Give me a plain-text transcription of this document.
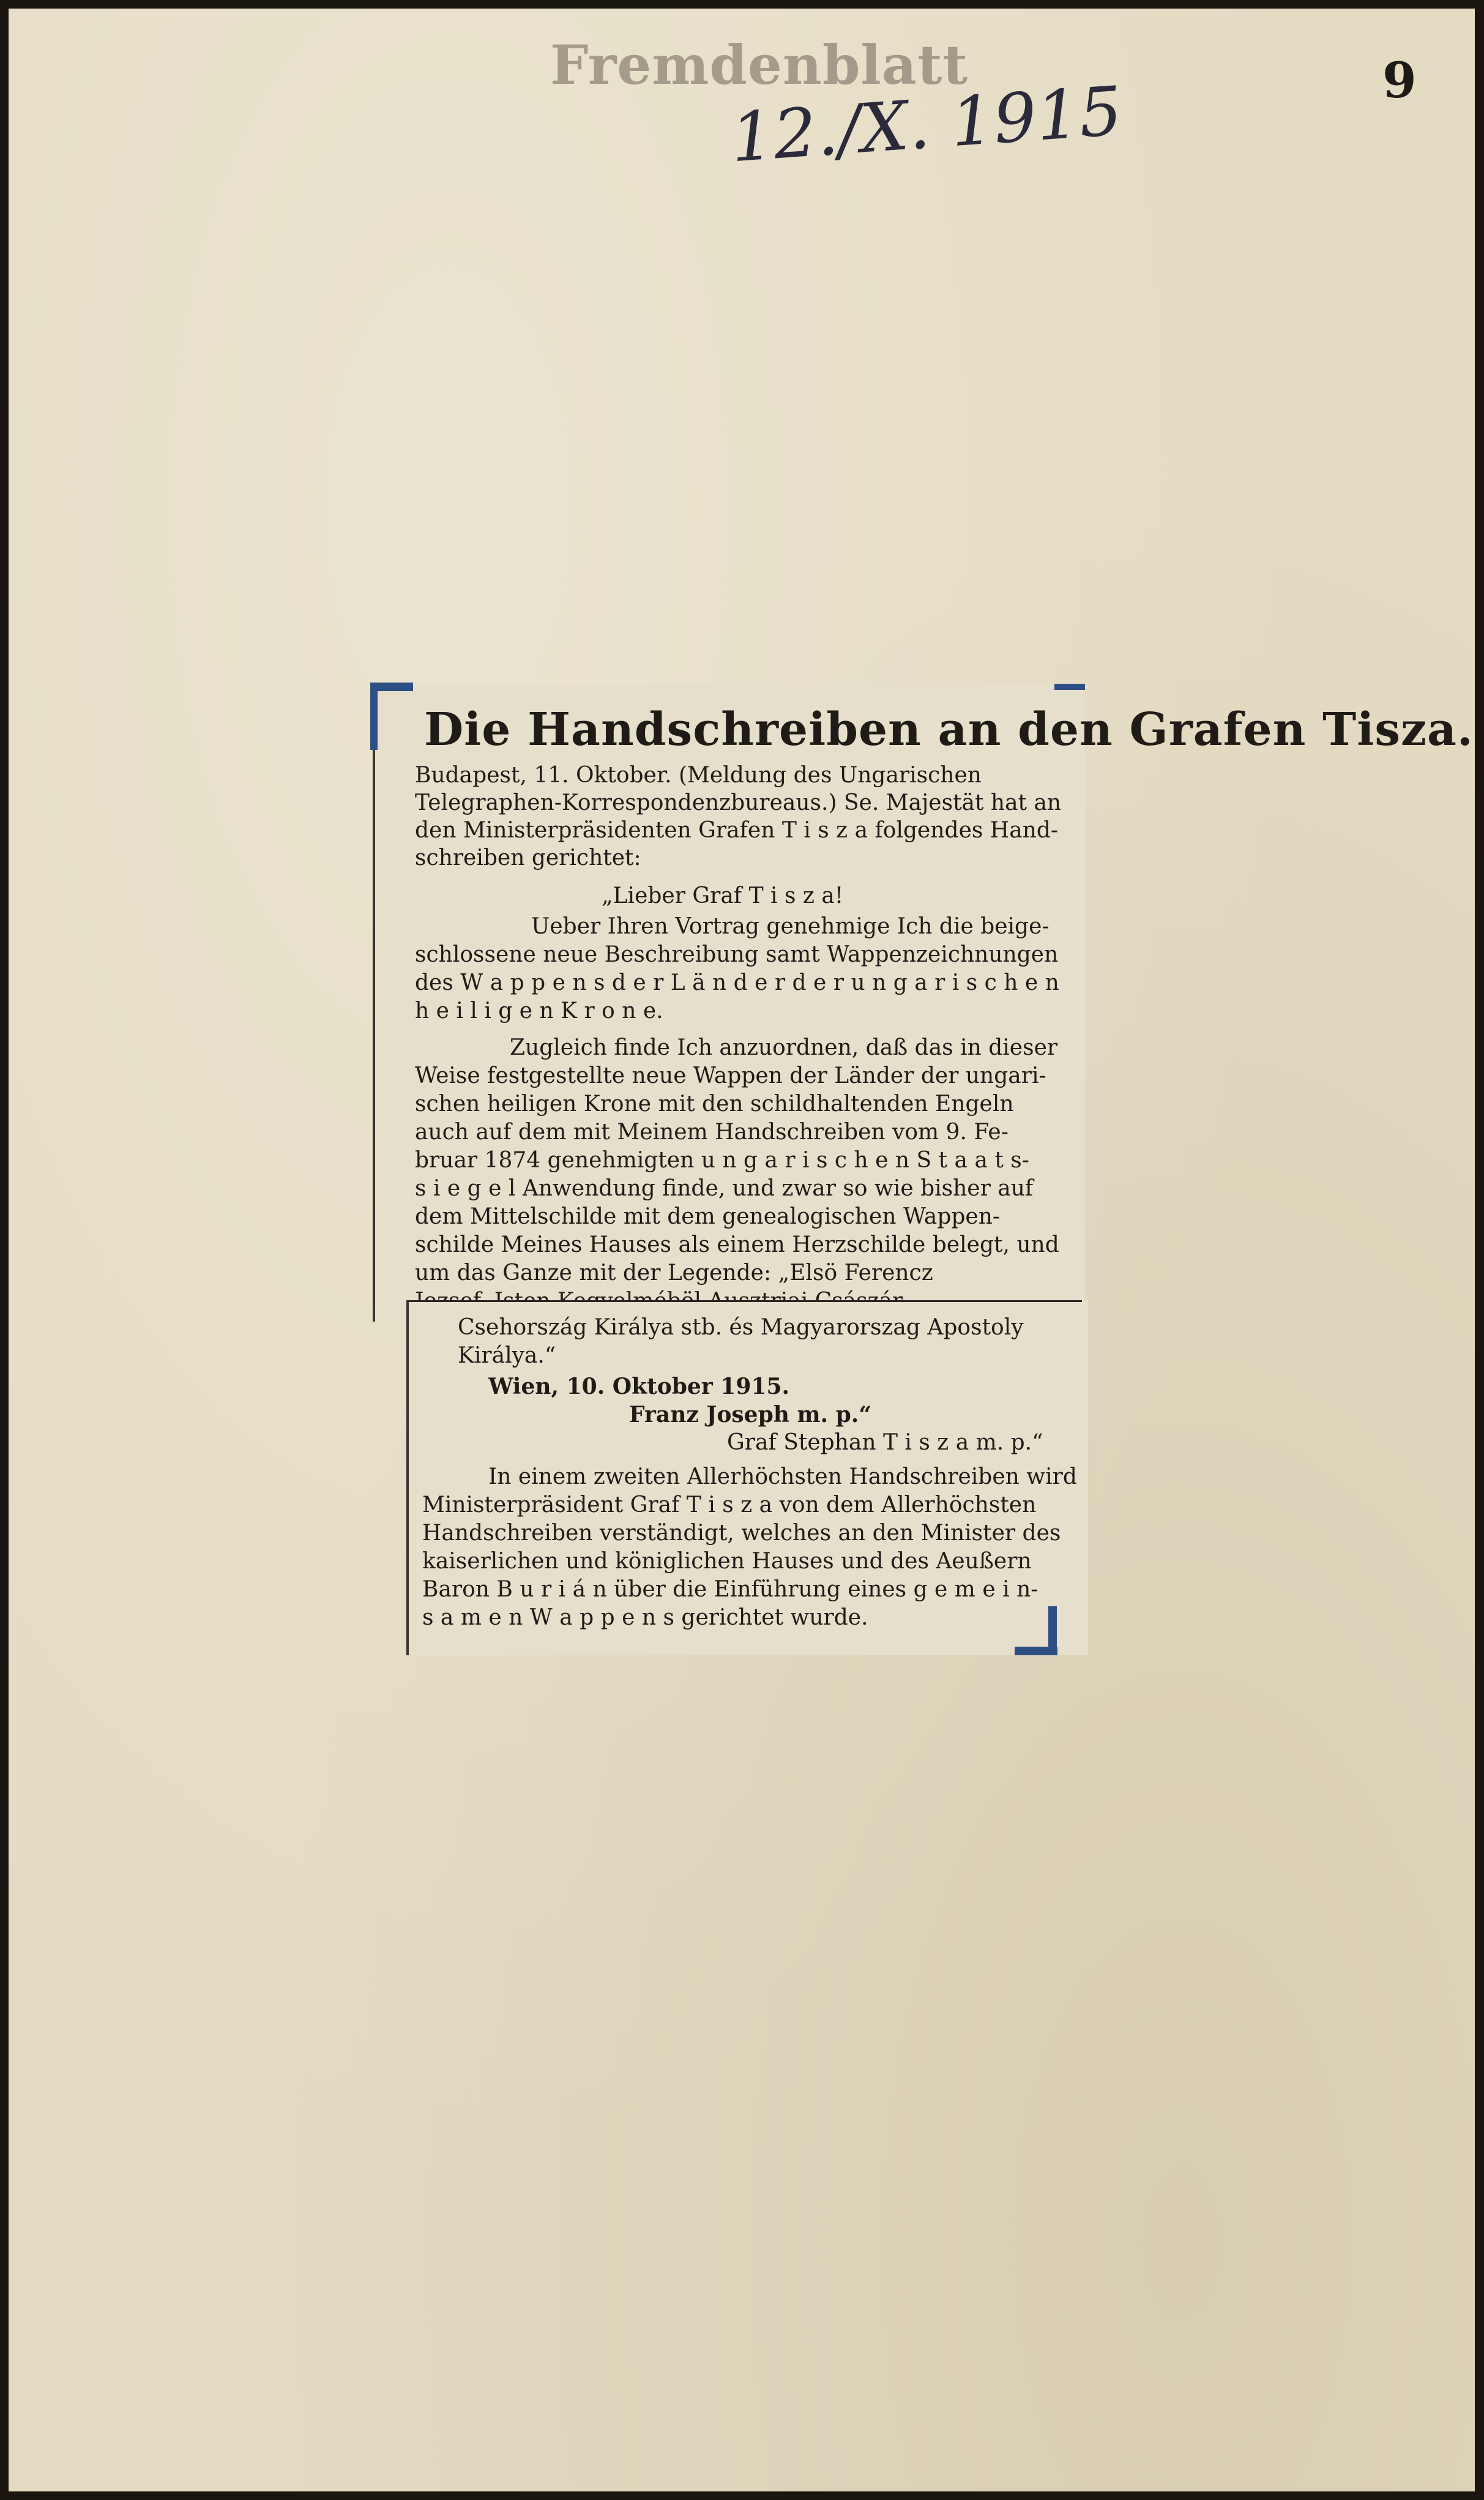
Fremdenblatt
12./X. 1915	9
Die Handschreiben an den Grafen Tisza.
Budapest, 11. Oktober. (Meldung des Ungarischen
Telegraphen-Korrespondenzbureaus.) Se. Majestät hat an
den Ministerpräsidenten Grafen T i s z a folgendes Hand-
schreiben gerichtet:
„Lieber Graf T i s z a!
Ueber Ihren Vortrag genehmige Ich die beige-
schlossene neue Beschreibung samt Wappenzeichnungen
des W a p p e n s d e r L ä n d e r d e r u n g a r i s c h e n
h e i l i g e n K r o n e.
Zugleich finde Ich anzuordnen, daß das in dieser
Weise festgestellte neue Wappen der Länder der ungari-
schen heiligen Krone mit den schildhaltenden Engeln
auch auf dem mit Meinem Handschreiben vom 9. Fe-
bruar 1874 genehmigten u n g a r i s c h e n S t a a t s-
s i e g e l Anwendung finde, und zwar so wie bisher auf
dem Mittelschilde mit dem genealogischen Wappen-
schilde Meines Hauses als einem Herzschilde belegt, und
um das Ganze mit der Legende: „Elsö Ferencz
Csehország Királya stb. és Magyarorszag Apostoly
Királya.“
Wien, 10. Oktober 1915.
Franz Joseph m. p.“
Graf Stephan T i s z a m. p.“
In einem zweiten Allerhöchsten Handschreiben wird
Ministerpräsident Graf T i s z a von dem Allerhöchsten
Handschreiben verständigt, welches an den Minister des
kaiserlichen und königlichen Hauses und des Aeußern
Baron B u r i á n über die Einführung eines g e m e i n-
s a m e n W a p p e n s gerichtet wurde.
